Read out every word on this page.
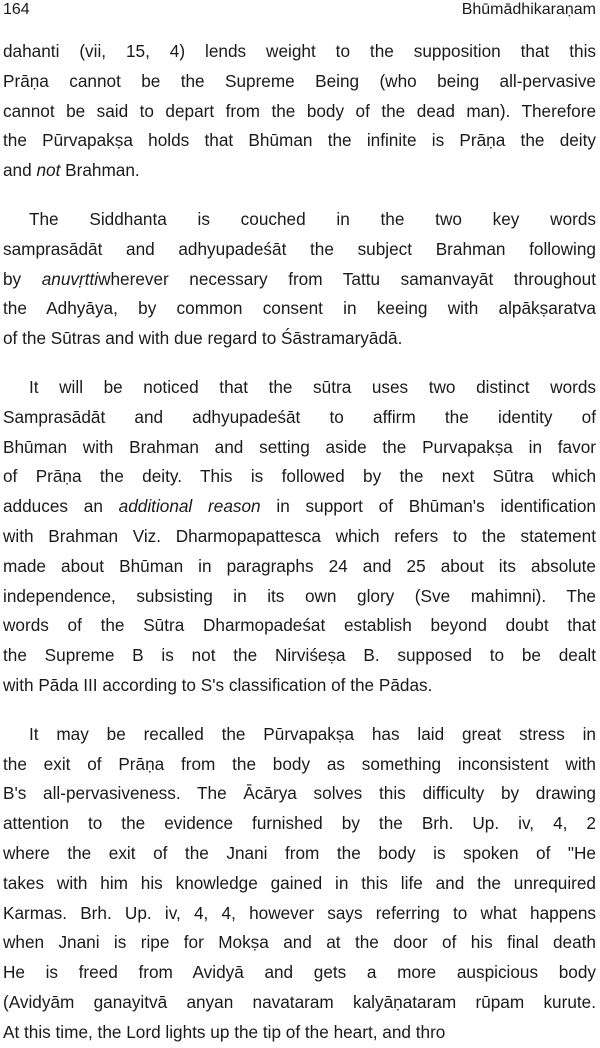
164	Bhūmādhikaraṇam
dahanti (vii, 15, 4) lends weight to the supposition that this
Prāṇa cannot be the Supreme Being (who being all-pervasive
cannot be said to depart from the body of the dead man). Therefore
the Pūrvapakṣa holds that Bhūman the infinite is Prāṇa the deity
and not Brahman.
The Siddhanta is couched in the two key words
samprasādāt and adhyupadeśāt the subject Brahman following
by anuvṛttiwherever necessary from Tattu samanvayāt throughout
the Adhyāya, by common consent in keeing with alpākṣaratva
of the Sūtras and with due regard to Śāstramaryādā.
It will be noticed that the sūtra uses two distinct words
Samprasādāt and adhyupadeśāt to affirm the identity of
Bhūman with Brahman and setting aside the Purvapakṣa in favor
of Prāṇa the deity. This is followed by the next Sūtra which
adduces an additional reason in support of Bhūman's identification
with Brahman Viz. Dharmopapattesca which refers to the statement
made about Bhūman in paragraphs 24 and 25 about its absolute
independence, subsisting in its own glory (Sve mahimni). The
words of the Sūtra Dharmopadeśat establish beyond doubt that
the Supreme B is not the Nirviśeṣa B. supposed to be dealt
with Pāda III according to S's classification of the Pādas.
It may be recalled the Pūrvapakṣa has laid great stress in
the exit of Prāṇa from the body as something inconsistent with
B's all-pervasiveness. The Ācārya solves this difficulty by drawing
attention to the evidence furnished by the Brh. Up. iv, 4, 2
where the exit of the Jnani from the body is spoken of "He
takes with him his knowledge gained in this life and the unrequired
Karmas. Brh. Up. iv, 4, 4, however says referring to what happens
when Jnani is ripe for Mokṣa and at the door of his final death
He is freed from Avidyā and gets a more auspicious body
(Avidyām ganayitvā anyan navataram kalyāṇataram rūpam kurute.
At this time, the Lord lights up the tip of the heart, and thro
